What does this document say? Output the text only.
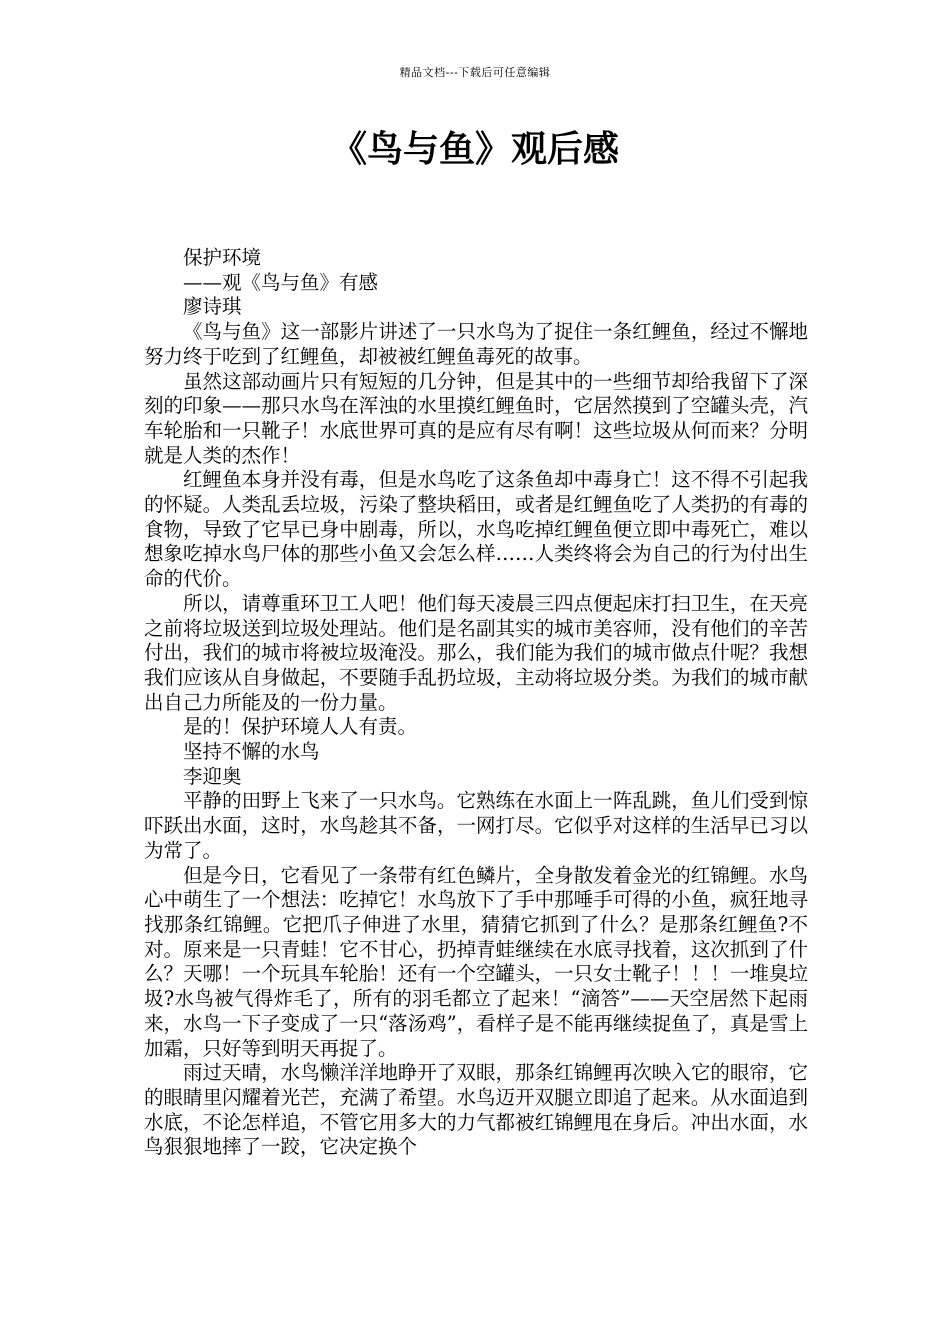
精品文档---下载后可任意编辑
《鸟与鱼》观后感

保护环境

——观《鸟与鱼》有感

廖诗琪

《鸟与鱼》这一部影片讲述了一只水鸟为了捉住一条红鲤鱼，经过不懈地努力终于吃到了红鲤鱼，却被被红鲤鱼毒死的故事。

虽然这部动画片只有短短的几分钟，但是其中的一些细节却给我留下了深刻的印象——那只水鸟在浑浊的水里摸红鲤鱼时，它居然摸到了空罐头壳，汽车轮胎和一只靴子！水底世界可真的是应有尽有啊！这些垃圾从何而来？分明就是人类的杰作！

红鲤鱼本身并没有毒，但是水鸟吃了这条鱼却中毒身亡！这不得不引起我的怀疑。人类乱丢垃圾，污染了整块稻田，或者是红鲤鱼吃了人类扔的有毒的食物，导致了它早已身中剧毒，所以，水鸟吃掉红鲤鱼便立即中毒死亡，难以想象吃掉水鸟尸体的那些小鱼又会怎么样……人类终将会为自己的行为付出生命的代价。

所以，请尊重环卫工人吧！他们每天凌晨三四点便起床打扫卫生，在天亮之前将垃圾送到垃圾处理站。他们是名副其实的城市美容师，没有他们的辛苦付出，我们的城市将被垃圾淹没。那么，我们能为我们的城市做点什呢？我想我们应该从自身做起，不要随手乱扔垃圾，主动将垃圾分类。为我们的城市献出自己力所能及的一份力量。

是的！保护环境人人有责。

坚持不懈的水鸟

李迎奥

平静的田野上飞来了一只水鸟。它熟练在水面上一阵乱跳，鱼儿们受到惊吓跃出水面，这时，水鸟趁其不备，一网打尽。它似乎对这样的生活早已习以为常了。

但是今日，它看见了一条带有红色鳞片，全身散发着金光的红锦鲤。水鸟心中萌生了一个想法：吃掉它！水鸟放下了手中那唾手可得的小鱼，疯狂地寻找那条红锦鲤。它把爪子伸进了水里，猜猜它抓到了什么？是那条红鲤鱼?不对。原来是一只青蛙！它不甘心，扔掉青蛙继续在水底寻找着，这次抓到了什么？天哪！一个玩具车轮胎！还有一个空罐头，一只女士靴子！！！一堆臭垃圾?水鸟被气得炸毛了，所有的羽毛都立了起来！“滴答”——天空居然下起雨来，水鸟一下子变成了一只“落汤鸡”，看样子是不能再继续捉鱼了，真是雪上加霜，只好等到明天再捉了。

雨过天晴，水鸟懒洋洋地睁开了双眼，那条红锦鲤再次映入它的眼帘，它的眼睛里闪耀着光芒，充满了希望。水鸟迈开双腿立即追了起来。从水面追到水底，不论怎样追，不管它用多大的力气都被红锦鲤甩在身后。冲出水面，水鸟狠狠地摔了一跤，它决定换个
